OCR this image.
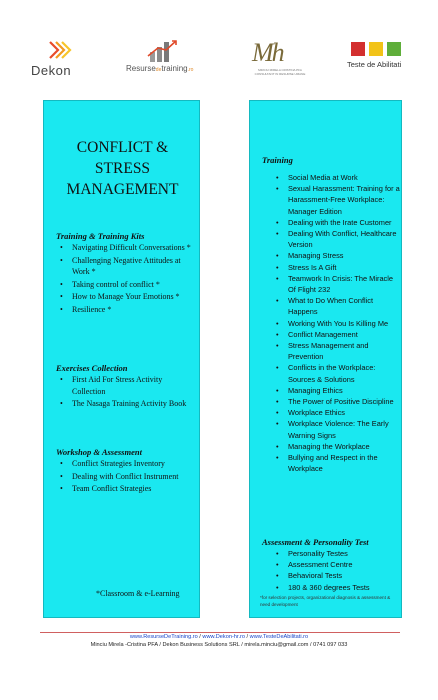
Dekon	Resursedetraining.ro
Mh
MIRCIU MIRELA CRISTINA PFA CONSULTANT IN RESURSE UMANE
Teste de Abilitati
CONFLICT &
STRESS
MANAGEMENT
Training & Training Kits
• Navigating Difficult Conversations *
• Challenging Negative Attitudes at Work *
• Taking control of conflict *
• How to Manage Your Emotions *
• Resilience *
Exercises Collection
• First Aid For Stress Activity Collection
• The Nasaga Training Activity Book
Workshop & Assessment
• Conflict Strategies Inventory
• Dealing with Conflict Instrument
• Team Conflict Strategies
*Classroom & e-Learning
Training
• Social Media at Work
• Sexual Harassment: Training for a Harassment-Free Workplace: Manager Edition
• Dealing with the Irate Customer
• Dealing With Conflict, Healthcare Version
• Managing Stress
• Stress Is A Gift
• Teamwork In Crisis: The Miracle Of Flight 232
• What to Do When Conflict Happens
• Working With You Is Killing Me
• Conflict Management
• Stress Management and Prevention
• Conflicts in the Workplace: Sources & Solutions
• Managing Ethics
• The Power of Positive Discipline
• Workplace Ethics
• Workplace Violence: The Early Warning Signs
• Managing the Workplace
• Bullying and Respect in the Workplace
Assessment & Personality Test
• Personality Testes
• Assessment Centre
• Behavioral Tests
• 180 & 360 degrees Tests
*for selection projects, organizational diagnosis & assessment & need development
www.ResurseDeTraining.ro / www.Dekon-hr.ro / www.TesteDeAbilitati.ro
Minciu Mirela -Cristina PFA / Dekon Business Solutions SRL / mirela.minciu@gmail.com / 0741 097 033
